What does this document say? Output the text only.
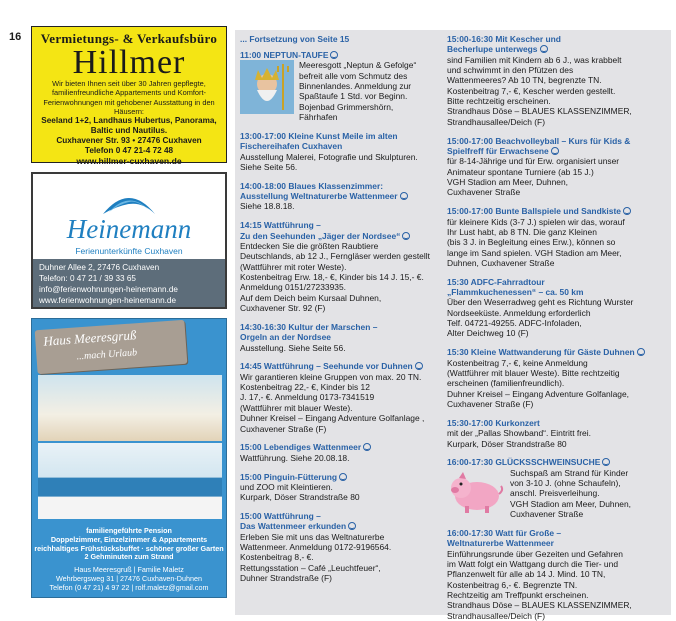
16	Vermietungs- & Verkaufsbüro
Hillmer
Wir bieten Ihnen seit über 30 Jahren gepflegte, familienfreundliche Appartements und Komfort-Ferienwohnungen mit gehobener Ausstattung in den Häusern:
Seeland 1+2, Landhaus Hubertus, Panorama, Baltic und Nautilus.
Cuxhavener Str. 93 • 27476 Cuxhaven
Telefon 0 47 21-4 72 48
www.hillmer-cuxhaven.de
Heinemann
Ferienunterkünfte Cuxhaven
Duhner Allee 2, 27476 Cuxhaven
Telefon: 0 47 21 / 39 33 65
info@ferienwohnungen-heinemann.de
www.ferienwohnungen-heinemann.de
Haus Meeresgruß
...mach Urlaub
familiengeführte Pension
Doppelzimmer, Einzelzimmer & Appartements
reichhaltiges Frühstücksbuffet · schöner großer Garten
2 Gehminuten zum Strand
Haus Meeresgruß | Familie Maletz
Wehrbergsweg 31 | 27476 Cuxhaven-Duhnen
Telefon (0 47 21) 4 97 22 | rolf.maletz@gmail.com
... Fortsetzung von Seite 15
11:00 NEPTUN-TAUFE

Meeresgott „Neptun & Gefolge“
befreit alle vom Schmutz des
Binnenlandes. Anmeldung zur
Spaßtaufe 1 Std. vor Beginn.
Bojenbad Grimmershörn,
Fährhafen

13:00-17:00 Kleine Kunst Meile im alten
Fischereihafen Cuxhaven

Ausstellung Malerei, Fotografie und Skulpturen.
Siehe Seite 56.

14:00-18:00 Blaues Klassenzimmer:
Ausstellung Weltnaturerbe Wattenmeer

Siehe 18.8.18.

14:15 Wattführung –
Zu den Seehunden „Jäger der Nordsee“

Entdecken Sie die größten Raubtiere
Deutschlands, ab 12 J., Ferngläser werden gestellt
(Wattführer mit roter Weste).
Kostenbeitrag Erw. 18,- €, Kinder bis 14 J. 15,- €.
Anmeldung 0151/27233935.
Auf dem Deich beim Kursaal Duhnen,
Cuxhavener Str. 92 (F)

14:30-16:30 Kultur der Marschen –
Orgeln an der Nordsee

Ausstellung. Siehe Seite 56.

14:45 Wattführung – Seehunde vor Duhnen

Wir garantieren kleine Gruppen von max. 20 TN.
Kostenbeitrag 22,- €, Kinder bis 12
J. 17,- €. Anmeldung 0173-7341519
(Wattführer mit blauer Weste).
Duhner Kreisel – Eingang Adventure Golfanlage ,
Cuxhavener Straße (F)

15:00 Lebendiges Wattenmeer

Wattführung. Siehe 20.08.18.

15:00 Pinguin-Fütterung

und ZOO mit Kleintieren.
Kurpark, Döser Strandstraße 80

15:00 Wattführung –
Das Wattenmeer erkunden

Erleben Sie mit uns das Weltnaturerbe
Wattenmeer. Anmeldung 0172-9196564.
Kostenbeitrag 8,- €.
Rettungsstation – Café „Leuchtfeuer“,
Duhner Strandstraße (F)

15:00-16:30 Mit Kescher und
Becherlupe unterwegs

sind Familien mit Kindern ab 6 J., was krabbelt
und schwimmt in den Pfützen des
Wattenmeeres? Ab 10 TN, begrenzte TN.
Kostenbeitrag 7,- €, Kescher werden gestellt.
Bitte rechtzeitig erscheinen.
Strandhaus Döse – BLAUES KLASSENZIMMER,
Strandhausallee/Deich (F)

15:00-17:00 Beachvolleyball – Kurs für Kids &
Spielfreff für Erwachsene

für 8-14-Jährige und für Erw. organisiert unser
Animateur spontane Turniere (ab 15 J.)
VGH Stadion am Meer, Duhnen,
Cuxhavener Straße

15:00-17:00 Bunte Ballspiele und Sandkiste

für kleinere Kids (3-7 J.) spielen wir das, worauf
Ihr Lust habt, ab 8 TN. Die ganz Kleinen
(bis 3 J. in Begleitung eines Erw.), können so
lange im Sand spielen. VGH Stadion am Meer,
Duhnen, Cuxhavener Straße

15:30 ADFC-Fahrradtour
„Flammkuchenessen“ – ca. 50 km

Über den Weserradweg geht es Richtung Wurster
Nordseeküste. Anmeldung erforderlich
Telf. 04721-49255. ADFC-Infoladen,
Alter Deichweg 10 (F)

15:30 Kleine Wattwanderung für Gäste Duhnen

Kostenbeitrag 7,- €, keine Anmeldung
(Wattführer mit blauer Weste). Bitte rechtzeitig
erscheinen (familienfreundlich).
Duhner Kreisel – Eingang Adventure Golfanlage,
Cuxhavener Straße (F)

15:30-17:00 Kurkonzert

mit der „Pallas Showband“. Eintritt frei.
Kurpark, Döser Strandstraße 80

16:00-17:30 GLÜCKSSCHWEINSUCHE

Suchspaß am Strand für Kinder
von 3-10 J. (ohne Schaufeln),
anschl. Preisverleihung.
VGH Stadion am Meer, Duhnen,
Cuxhavener Straße

16:00-17:30 Watt für Große –
Weltnaturerbe Wattenmeer

Einführungsrunde über Gezeiten und Gefahren
im Watt folgt ein Wattgang durch die Tier- und
Pflanzenwelt für alle ab 14 J. Mind. 10 TN,
Kostenbeitrag 6,- €. Begrenzte TN.
Rechtzeitig am Treffpunkt erscheinen.
Strandhaus Döse – BLAUES KLASSENZIMMER,
Strandhausallee/Deich (F)
